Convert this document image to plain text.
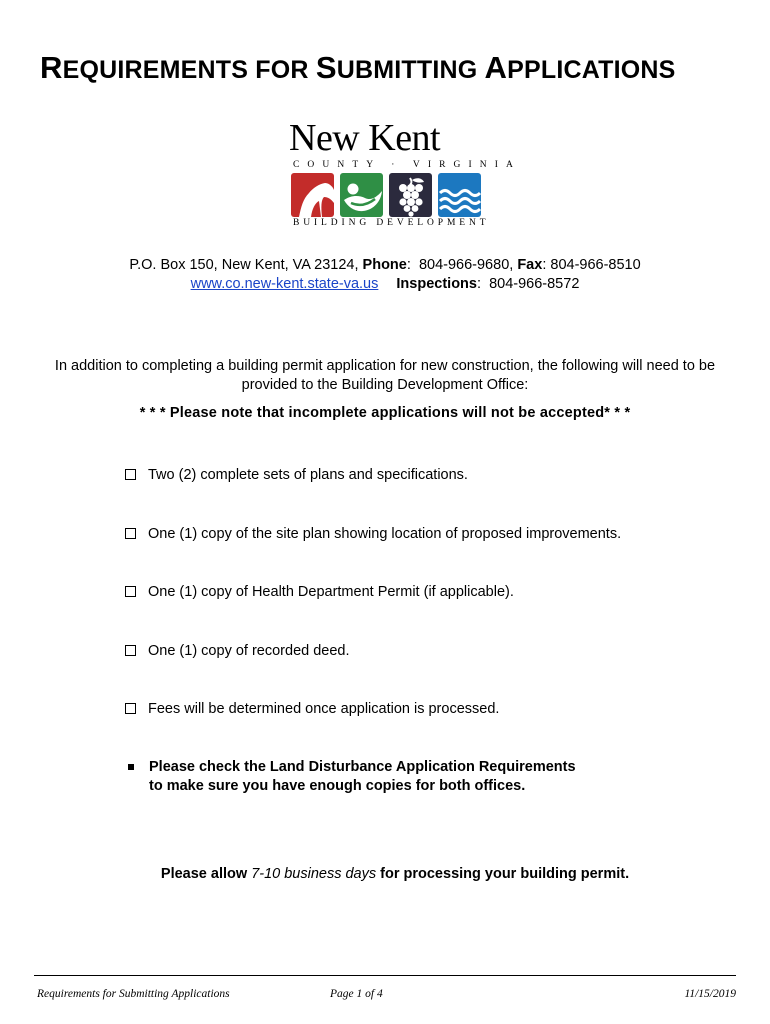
REQUIREMENTS FOR SUBMITTING APPLICATIONS
New Kent
COUNTY · VIRGINIA
BUILDING DEVELOPMENT
P.O. Box 150, New Kent, VA 23124, Phone:  804-966-9680, Fax: 804-966-8510
www.co.new-kent.state-va.us Inspections:  804-966-8572
In addition to completing a building permit application for new construction, the following will need to be provided to the Building Development Office:
* * * Please note that incomplete applications will not be accepted* * *
Two (2) complete sets of plans and specifications.
One (1) copy of the site plan showing location of proposed improvements.
One (1) copy of Health Department Permit (if applicable).
One (1) copy of recorded deed.
Fees will be determined once application is processed.
Please check the Land Disturbance Application Requirements
to make sure you have enough copies for both offices.
Please allow 7-10 business days for processing your building permit.
Requirements for Submitting Applications	Page 1 of 4	11/15/2019
